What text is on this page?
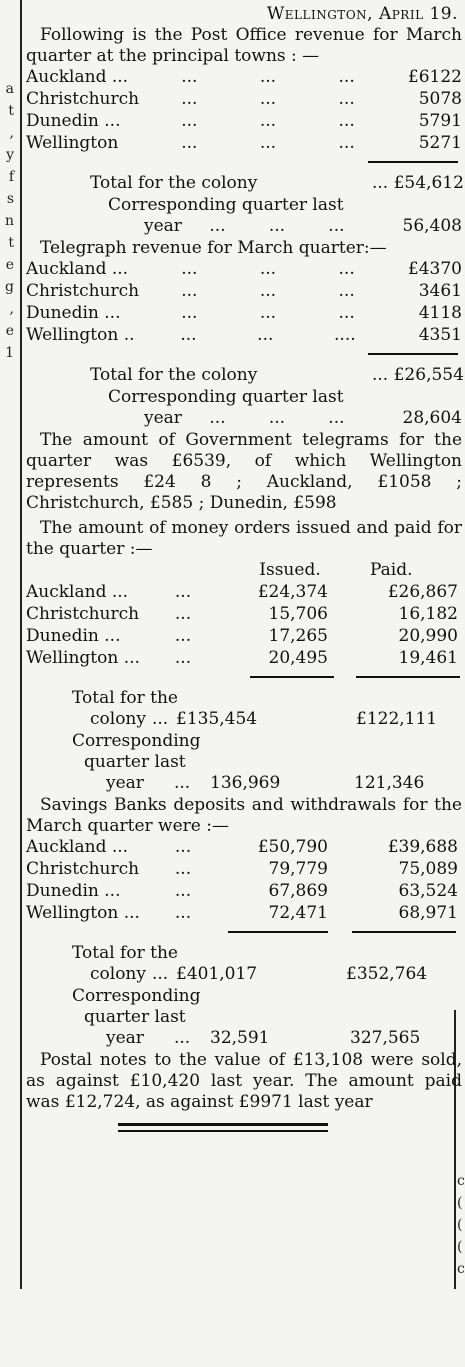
a
t
,
y
f
s
n
t
e
g
,
e
1
c
(
(
(
c
Wellington, April 19.

Following is the Post Office revenue for March quarter at the principal towns : —

Auckland ...	...	...	...	£6122
Christchurch ...	...	...	5078
Dunedin ...	...	...	...	5791
Wellington	...	...	...	5271
Total for the colony	... £54,612
Corresponding quarter last
year	...        ...        ...	56,408

Telegraph revenue for March quarter:—

Auckland ...	...	...	...	£4370
Christchurch ...	...	...	3461
Dunedin ...	...	...	...	4118
Wellington ..	...	...	....	4351
Total for the colony	... £26,554
Corresponding quarter last
year	...        ...        ...	28,604

The amount of Government telegrams for the quarter was £6539, of which Wellington represents £24 8 ; Auckland, £1058 ; Christchurch, £585 ; Dunedin, £598

The amount of money orders issued and paid for the quarter :—

Issued.	Paid.
Auckland ...	...	£24,374	£26,867
Christchurch	...	15,706	16,182
Dunedin ...	...	17,265	20,990
Wellington ...	...	20,495	19,461
Total for the
colony ... £135,454	£122,111
Corresponding
quarter last
year ... 136,969	121,346

Savings Banks deposits and withdrawals for the March quarter were :—

Auckland ...	...	£50,790	£39,688
Christchurch	...	79,779	75,089
Dunedin ...	...	67,869	63,524
Wellington ...	...	72,471	68,971
Total for the
colony ... £401,017	£352,764
Corresponding
quarter last
year ... 32,591	327,565

Postal notes to the value of £13,108 were sold, as against £10,420 last year. The amount paid was £12,724, as against £9971 last year
